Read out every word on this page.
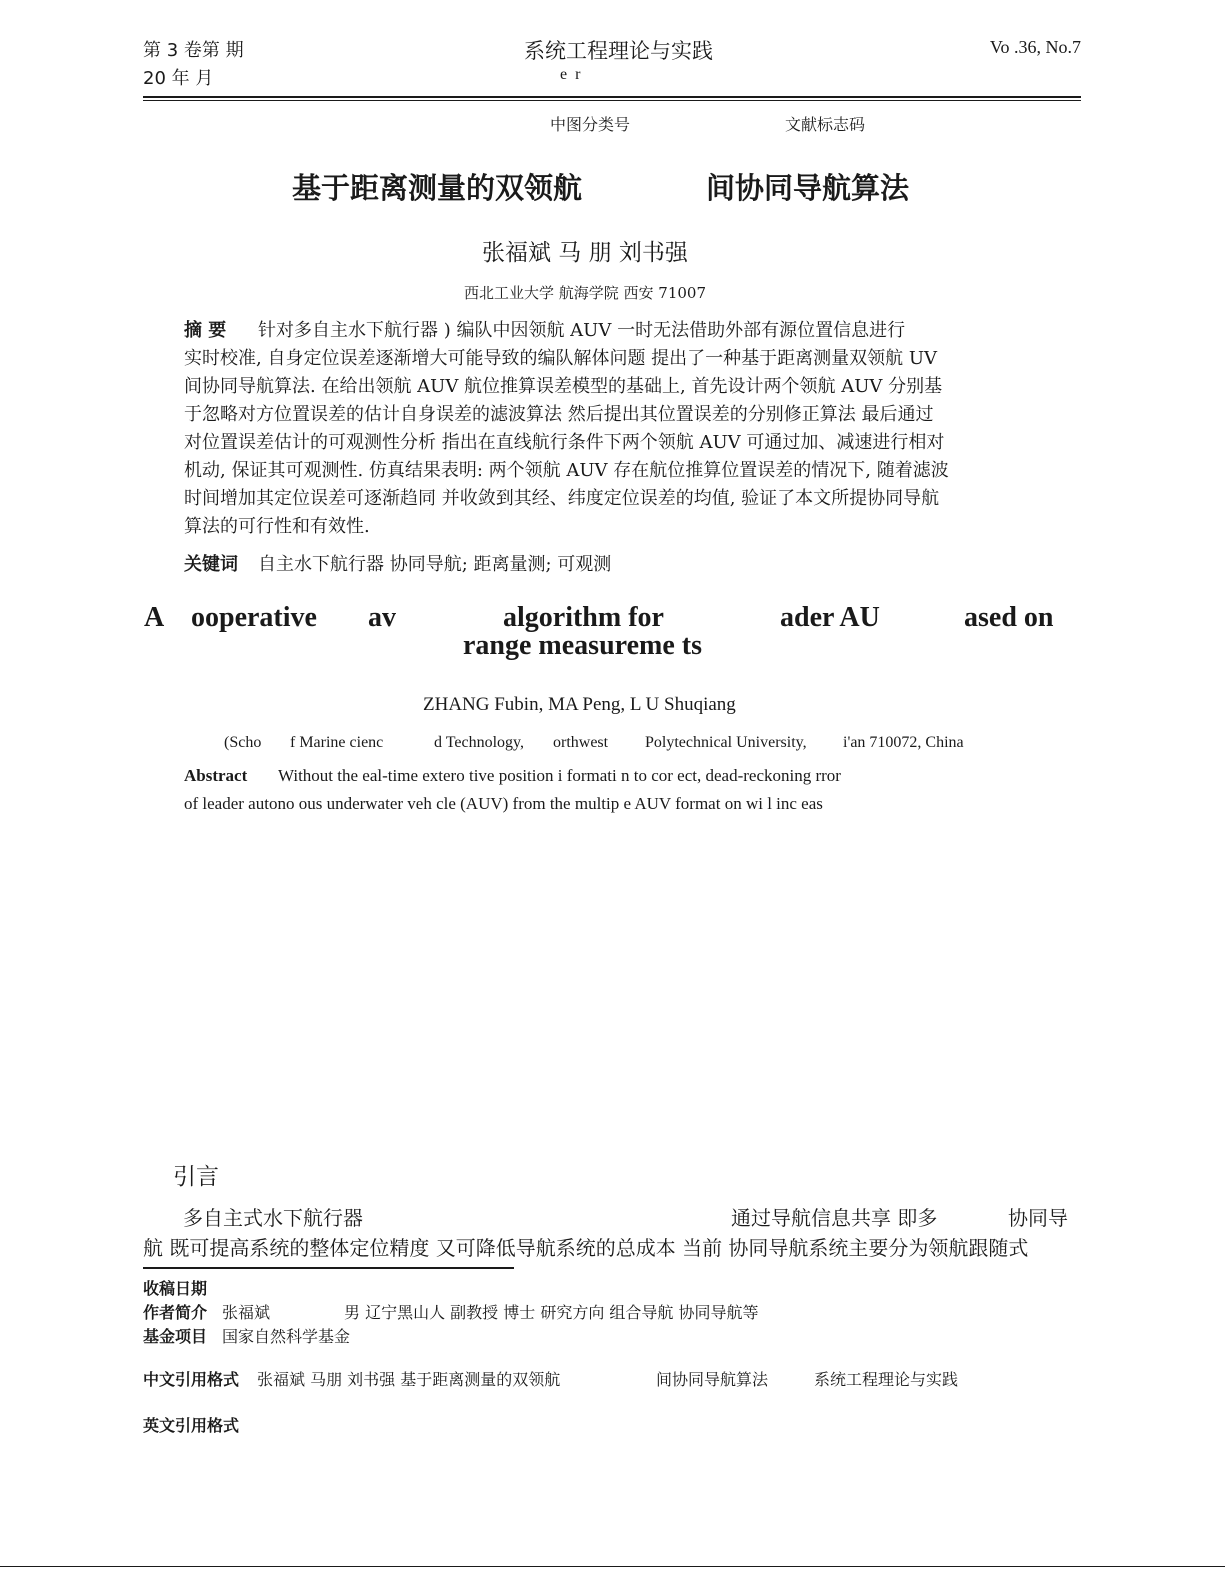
第 3 卷第 期
20 年 月
系统工程理论与实践
e r
Vo .36, No.7
中图分类号	文献标志码
基于距离测量的双领航	间协同导航算法
张福斌 马 朋 刘书强
西北工业大学 航海学院 西安 71007
摘 要 针对多自主水下航行器 ) 编队中因领航 AUV 一时无法借助外部有源位置信息进行
实时校准, 自身定位误差逐渐增大可能导致的编队解体问题 提出了一种基于距离测量双领航 UV
间协同导航算法. 在给出领航 AUV 航位推算误差模型的基础上, 首先设计两个领航 AUV 分别基
于忽略对方位置误差的估计自身误差的滤波算法 然后提出其位置误差的分别修正算法 最后通过
对位置误差估计的可观测性分析 指出在直线航行条件下两个领航 AUV 可通过加、减速进行相对
机动, 保证其可观测性. 仿真结果表明: 两个领航 AUV 存在航位推算位置误差的情况下, 随着滤波
时间增加其定位误差可逐渐趋同 并收敛到其经、纬度定位误差的均值, 验证了本文所提协同导航
算法的可行性和有效性.
关键词 自主水下航行器 协同导航; 距离量测; 可观测
A ooperative av	algorithm for	ader AU	ased on
range measureme ts
ZHANG Fubin, MA Peng, L U Shuqiang
(Scho f Marine cienc	d Technology, orthwest Polytechnical University, i'an 710072, China
Abstract Without the eal-time extero tive position i formati n to cor ect, dead-reckoning rror
of leader autono ous underwater veh cle (AUV) from the multip e AUV format on wi l inc eas
引言
多自主式水下航行器	通过导航信息共享 即多	协同导
航 既可提高系统的整体定位精度 又可降低导航系统的总成本 当前 协同导航系统主要分为领航跟随式
收稿日期
作者简介 张福斌	男 辽宁黑山人 副教授 博士 研究方向 组合导航 协同导航等
基金项目 国家自然科学基金
中文引用格式 张福斌 马朋 刘书强 基于距离测量的双领航	间协同导航算法	系统工程理论与实践
英文引用格式
